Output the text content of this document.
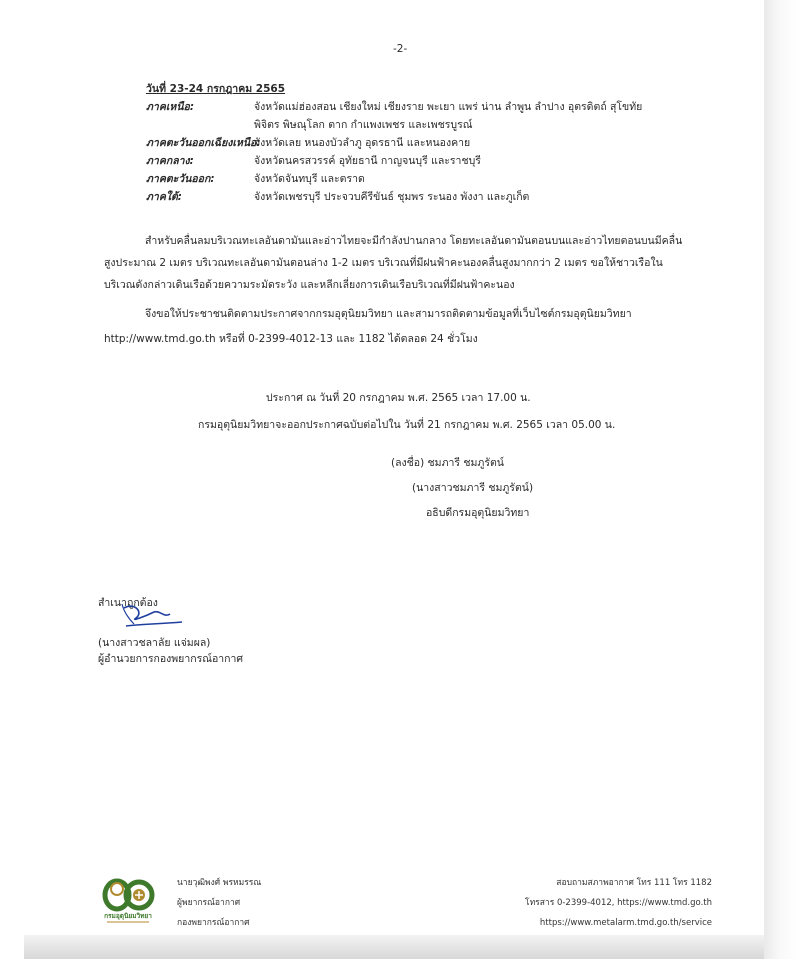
-2-
วันที่ 23-24 กรกฎาคม 2565
ภาคเหนือ:	จังหวัดแม่ฮ่องสอน เชียงใหม่ เชียงราย พะเยา แพร่ น่าน ลำพูน ลำปาง อุตรดิตถ์ สุโขทัย
พิจิตร พิษณุโลก ตาก กำแพงเพชร และเพชรบูรณ์
ภาคตะวันออกเฉียงเหนือ:
จังหวัดเลย หนองบัวลำภู อุดรธานี และหนองคาย
ภาคกลาง:	จังหวัดนครสวรรค์ อุทัยธานี กาญจนบุรี และราชบุรี
ภาคตะวันออก:	จังหวัดจันทบุรี และตราด
ภาคใต้:	จังหวัดเพชรบุรี ประจวบคีรีขันธ์ ชุมพร ระนอง พังงา และภูเก็ต
สำหรับคลื่นลมบริเวณทะเลอันดามันและอ่าวไทยจะมีกำลังปานกลาง โดยทะเลอันดามันตอนบนและอ่าวไทยตอนบนมีคลื่น
สูงประมาณ 2 เมตร บริเวณทะเลอันดามันตอนล่าง 1-2 เมตร บริเวณที่มีฝนฟ้าคะนองคลื่นสูงมากกว่า 2 เมตร ขอให้ชาวเรือใน
บริเวณดังกล่าวเดินเรือด้วยความระมัดระวัง และหลีกเลี่ยงการเดินเรือบริเวณที่มีฝนฟ้าคะนอง
จึงขอให้ประชาชนติดตามประกาศจากกรมอุตุนิยมวิทยา และสามารถติดตามข้อมูลที่เว็บไซต์กรมอุตุนิยมวิทยา
http://www.tmd.go.th หรือที่ 0-2399-4012-13 และ 1182 ได้ตลอด 24 ชั่วโมง
ประกาศ ณ วันที่ 20 กรกฎาคม พ.ศ. 2565 เวลา 17.00 น.
กรมอุตุนิยมวิทยาจะออกประกาศฉบับต่อไปใน วันที่ 21 กรกฎาคม พ.ศ. 2565 เวลา 05.00 น.
(ลงชื่อ) ชมภารี ชมภูรัตน์
(นางสาวชมภารี ชมภูรัตน์)
อธิบดีกรมอุตุนิยมวิทยา
สำเนาถูกต้อง
(นางสาวชลาลัย แจ่มผล)
ผู้อำนวยการกองพยากรณ์อากาศ
กรมอุตุนิยมวิทยา
นายวุฒิพงศ์ พรหมรรณ
ผู้พยากรณ์อากาศ
กองพยากรณ์อากาศ
สอบถามสภาพอากาศ โทร 111 โทร 1182
โทรสาร 0-2399-4012, https://www.tmd.go.th
https://www.metalarm.tmd.go.th/service
